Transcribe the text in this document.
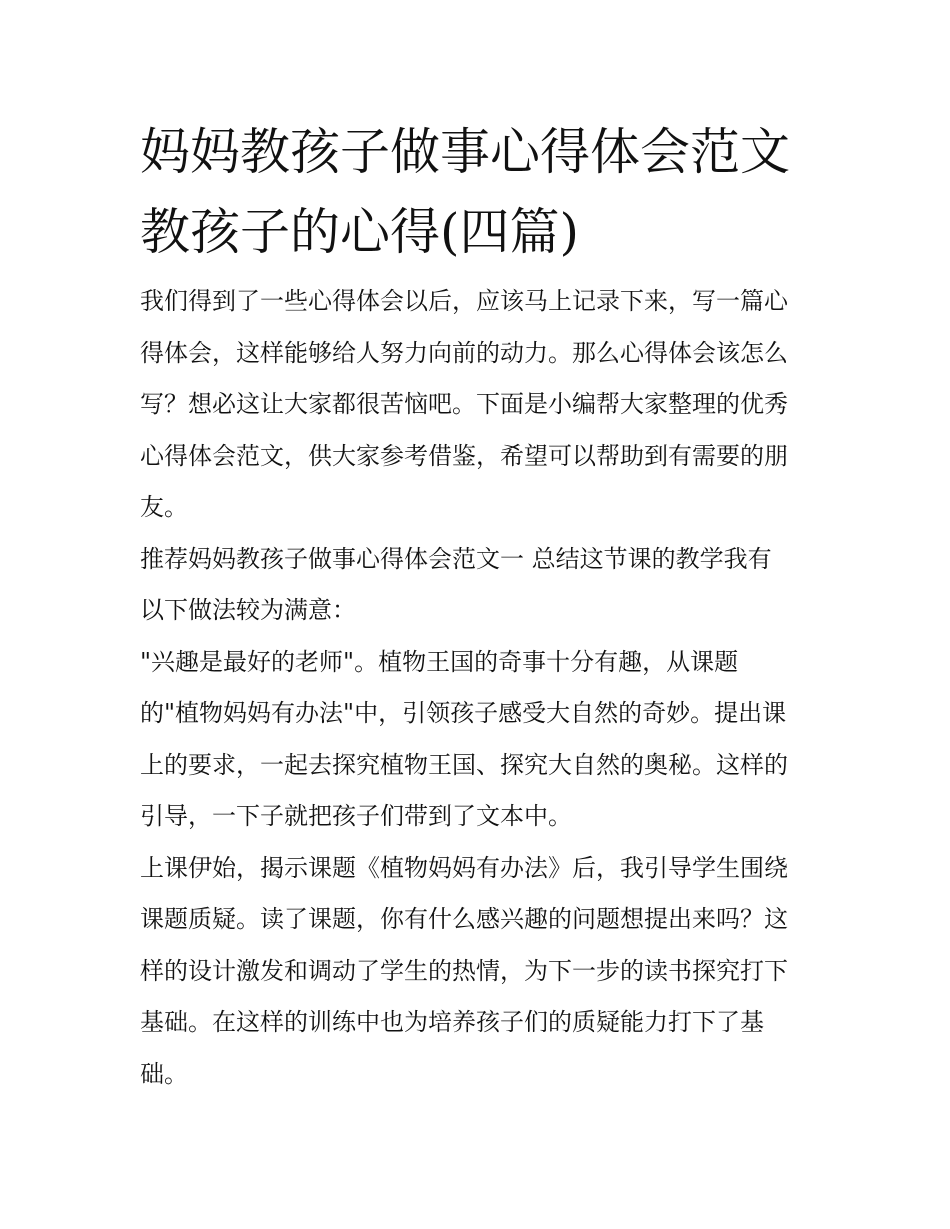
妈妈教孩子做事心得体会范文
教孩子的心得(四篇)

我们得到了一些心得体会以后，应该马上记录下来，写一篇心
得体会，这样能够给人努力向前的动力。那么心得体会该怎么
写？想必这让大家都很苦恼吧。下面是小编帮大家整理的优秀
心得体会范文，供大家参考借鉴，希望可以帮助到有需要的朋
友。

推荐妈妈教孩子做事心得体会范文一 总结这节课的教学我有
以下做法较为满意：

"兴趣是最好的老师"。植物王国的奇事十分有趣，从课题
的"植物妈妈有办法"中，引领孩子感受大自然的奇妙。提出课
上的要求，一起去探究植物王国、探究大自然的奥秘。这样的
引导，一下子就把孩子们带到了文本中。

上课伊始，揭示课题《植物妈妈有办法》后，我引导学生围绕
课题质疑。读了课题，你有什么感兴趣的问题想提出来吗？这
样的设计激发和调动了学生的热情，为下一步的读书探究打下
基础。在这样的训练中也为培养孩子们的质疑能力打下了基
础。
